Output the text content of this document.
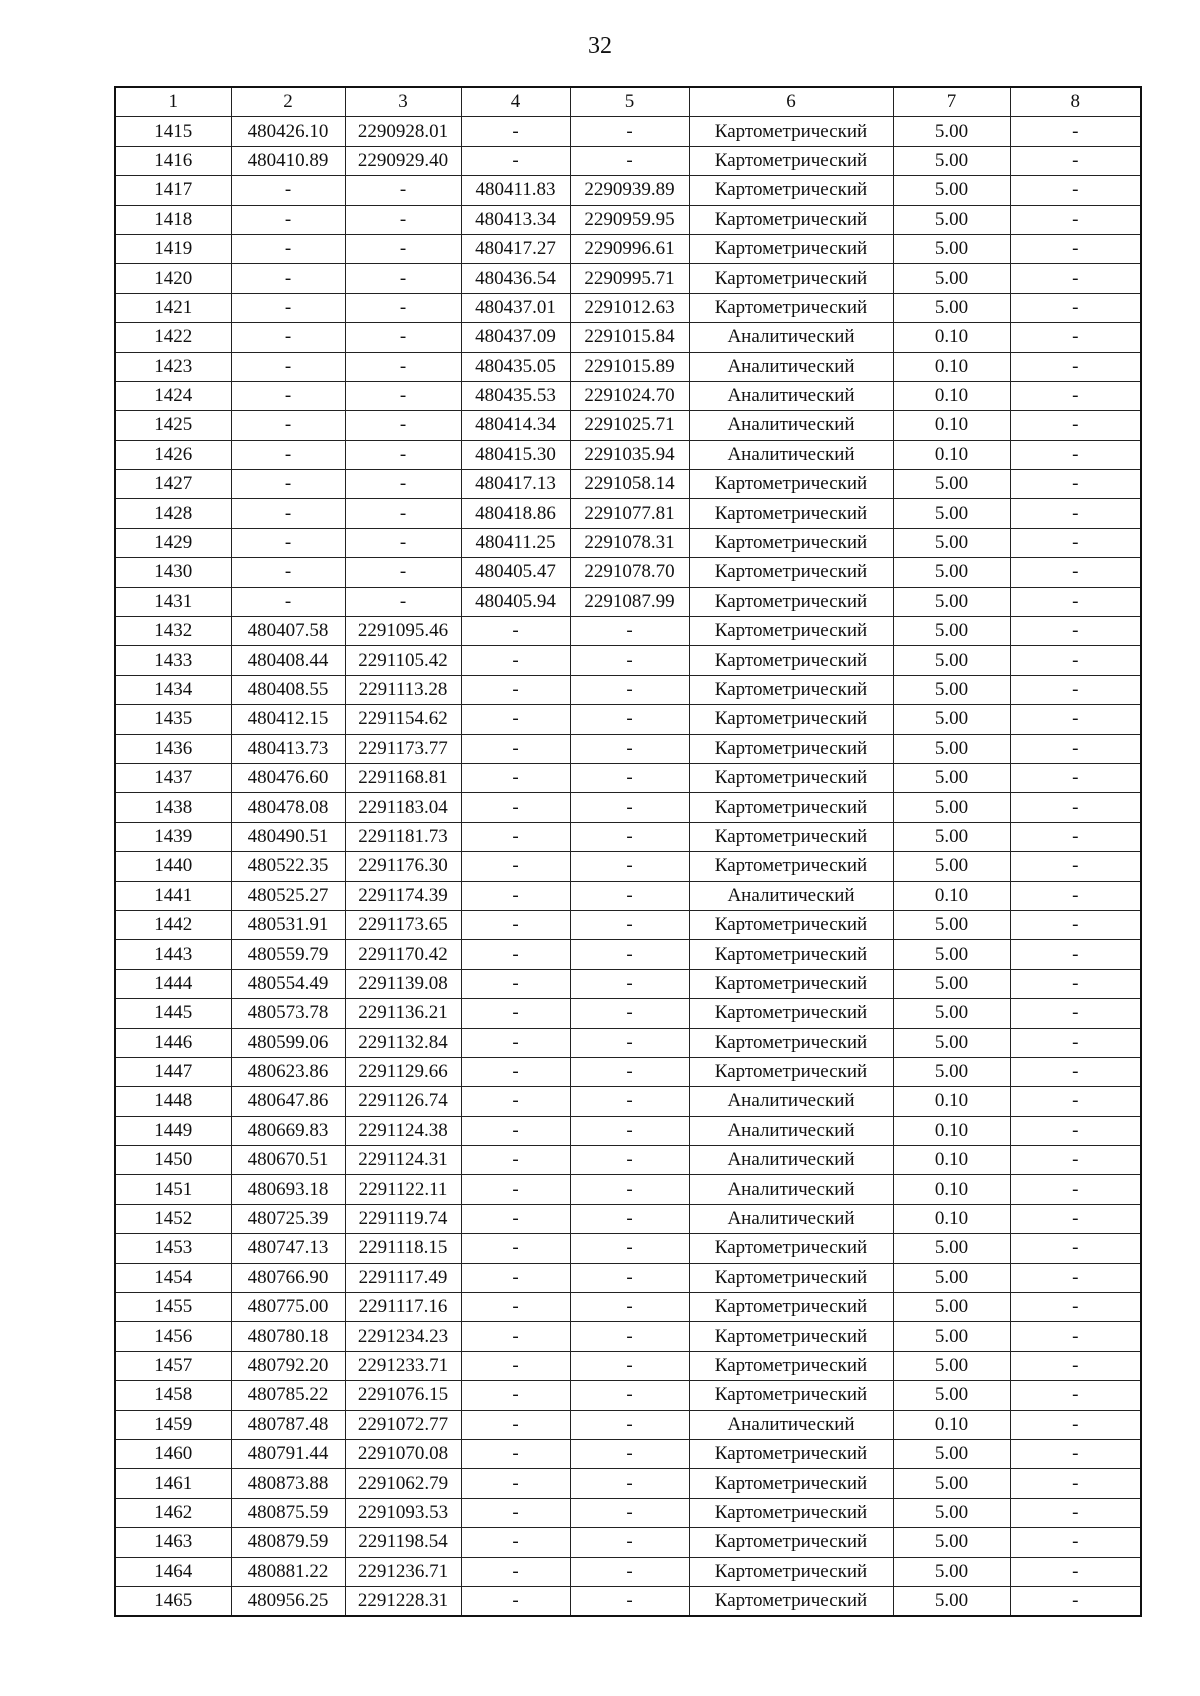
32
1	2	3	4	5	6	7	8
1415	480426.10	2290928.01	-	-	Картометрический	5.00	-
1416	480410.89	2290929.40	-	-	Картометрический	5.00	-
1417	-	-	480411.83	2290939.89	Картометрический	5.00	-
1418	-	-	480413.34	2290959.95	Картометрический	5.00	-
1419	-	-	480417.27	2290996.61	Картометрический	5.00	-
1420	-	-	480436.54	2290995.71	Картометрический	5.00	-
1421	-	-	480437.01	2291012.63	Картометрический	5.00	-
1422	-	-	480437.09	2291015.84	Аналитический	0.10	-
1423	-	-	480435.05	2291015.89	Аналитический	0.10	-
1424	-	-	480435.53	2291024.70	Аналитический	0.10	-
1425	-	-	480414.34	2291025.71	Аналитический	0.10	-
1426	-	-	480415.30	2291035.94	Аналитический	0.10	-
1427	-	-	480417.13	2291058.14	Картометрический	5.00	-
1428	-	-	480418.86	2291077.81	Картометрический	5.00	-
1429	-	-	480411.25	2291078.31	Картометрический	5.00	-
1430	-	-	480405.47	2291078.70	Картометрический	5.00	-
1431	-	-	480405.94	2291087.99	Картометрический	5.00	-
1432	480407.58	2291095.46	-	-	Картометрический	5.00	-
1433	480408.44	2291105.42	-	-	Картометрический	5.00	-
1434	480408.55	2291113.28	-	-	Картометрический	5.00	-
1435	480412.15	2291154.62	-	-	Картометрический	5.00	-
1436	480413.73	2291173.77	-	-	Картометрический	5.00	-
1437	480476.60	2291168.81	-	-	Картометрический	5.00	-
1438	480478.08	2291183.04	-	-	Картометрический	5.00	-
1439	480490.51	2291181.73	-	-	Картометрический	5.00	-
1440	480522.35	2291176.30	-	-	Картометрический	5.00	-
1441	480525.27	2291174.39	-	-	Аналитический	0.10	-
1442	480531.91	2291173.65	-	-	Картометрический	5.00	-
1443	480559.79	2291170.42	-	-	Картометрический	5.00	-
1444	480554.49	2291139.08	-	-	Картометрический	5.00	-
1445	480573.78	2291136.21	-	-	Картометрический	5.00	-
1446	480599.06	2291132.84	-	-	Картометрический	5.00	-
1447	480623.86	2291129.66	-	-	Картометрический	5.00	-
1448	480647.86	2291126.74	-	-	Аналитический	0.10	-
1449	480669.83	2291124.38	-	-	Аналитический	0.10	-
1450	480670.51	2291124.31	-	-	Аналитический	0.10	-
1451	480693.18	2291122.11	-	-	Аналитический	0.10	-
1452	480725.39	2291119.74	-	-	Аналитический	0.10	-
1453	480747.13	2291118.15	-	-	Картометрический	5.00	-
1454	480766.90	2291117.49	-	-	Картометрический	5.00	-
1455	480775.00	2291117.16	-	-	Картометрический	5.00	-
1456	480780.18	2291234.23	-	-	Картометрический	5.00	-
1457	480792.20	2291233.71	-	-	Картометрический	5.00	-
1458	480785.22	2291076.15	-	-	Картометрический	5.00	-
1459	480787.48	2291072.77	-	-	Аналитический	0.10	-
1460	480791.44	2291070.08	-	-	Картометрический	5.00	-
1461	480873.88	2291062.79	-	-	Картометрический	5.00	-
1462	480875.59	2291093.53	-	-	Картометрический	5.00	-
1463	480879.59	2291198.54	-	-	Картометрический	5.00	-
1464	480881.22	2291236.71	-	-	Картометрический	5.00	-
1465	480956.25	2291228.31	-	-	Картометрический	5.00	-
